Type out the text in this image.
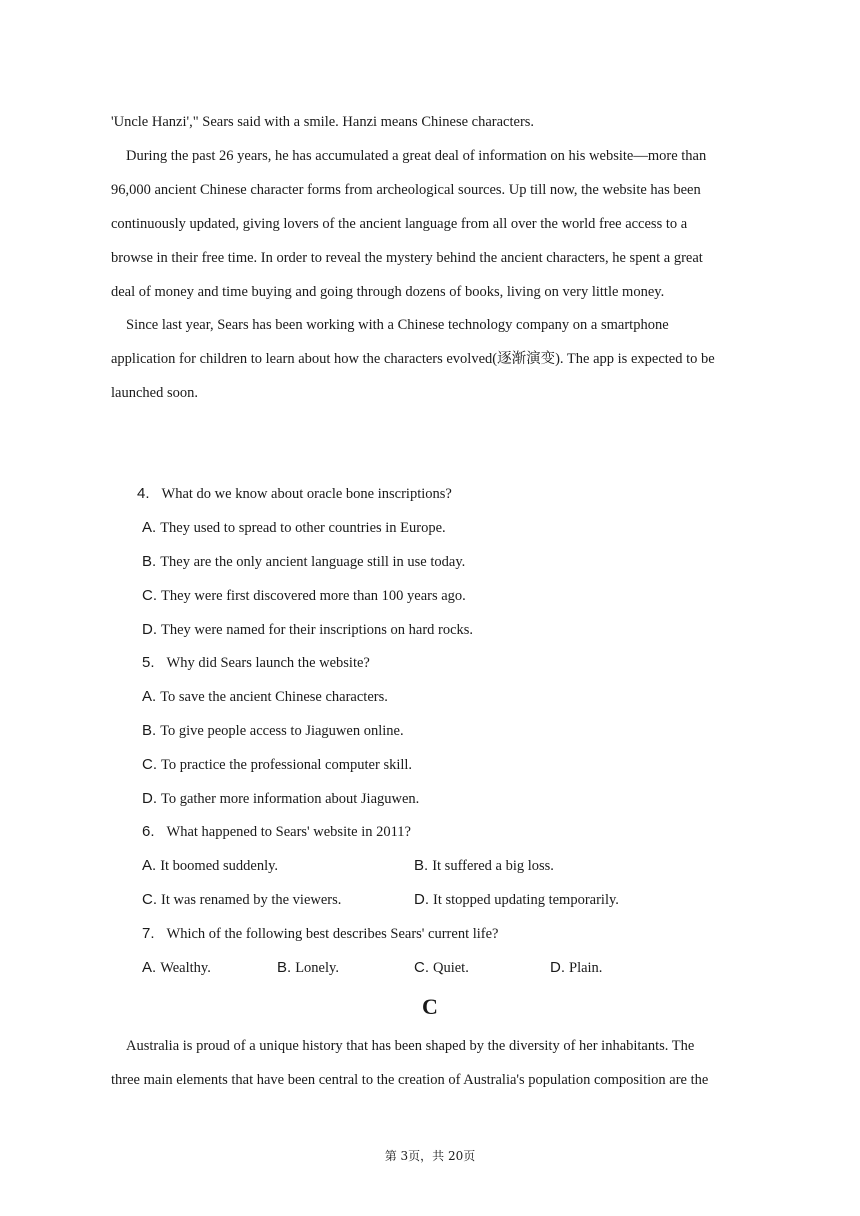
'Uncle Hanzi'," Sears said with a smile. Hanzi means Chinese characters.
During the past 26 years, he has accumulated a great deal of information on his website—more than
96,000 ancient Chinese character forms from archeological sources. Up till now, the website has been
continuously updated, giving lovers of the ancient language from all over the world free access to a
browse in their free time. In order to reveal the mystery behind the ancient characters, he spent a great
deal of money and time buying and going through dozens of books, living on very little money.
Since last year, Sears has been working with a Chinese technology company on a smartphone
application for children to learn about how the characters evolved(逐渐演变). The app is expected to be
launched soon.
4. What do we know about oracle bone inscriptions?
A. They used to spread to other countries in Europe.
B. They are the only ancient language still in use today.
C. They were first discovered more than 100 years ago.
D. They were named for their inscriptions on hard rocks.
5. Why did Sears launch the website?
A. To save the ancient Chinese characters.
B. To give people access to Jiaguwen online.
C. To practice the professional computer skill.
D. To gather more information about Jiaguwen.
6. What happened to Sears' website in 2011?
A. It boomed suddenly.	B. It suffered a big loss.
C. It was renamed by the viewers.	D. It stopped updating temporarily.
7. Which of the following best describes Sears' current life?
A. Wealthy.	B. Lonely.	C. Quiet.	D. Plain.
C
Australia is proud of a unique history that has been shaped by the diversity of her inhabitants. The
three main elements that have been central to the creation of Australia's population composition are the
第 3页，共 20页
